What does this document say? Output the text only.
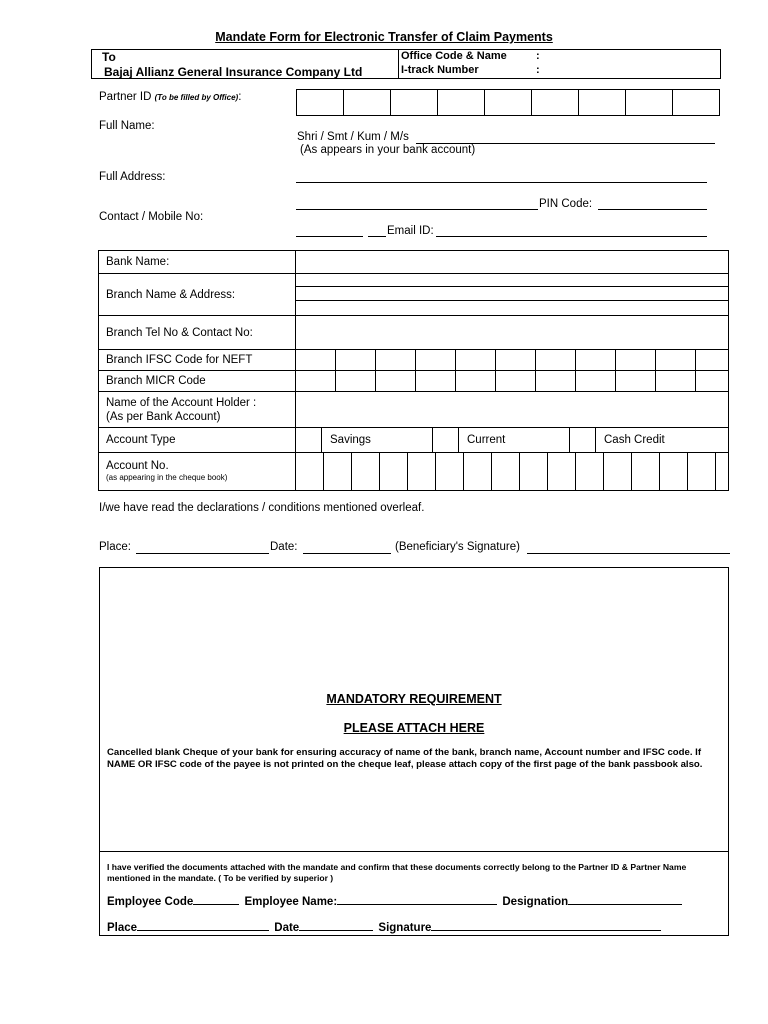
Mandate Form for Electronic Transfer of Claim Payments
To
Bajaj Allianz General Insurance Company Ltd
Office Code & Name
I-track Number
:
:
Partner ID (To be filled by Office):
Full Name:
Shri / Smt / Kum / M/s
(As appears in your bank account)
Full Address:
PIN Code:
Contact / Mobile No:
Email ID:
Bank Name:	
Branch Name & Address:	

Branch Tel No & Contact No:	
Branch IFSC Code for NEFT	

Branch MICR Code	

Name of the Account Holder :
(As per Bank Account)	

Account Type	Savings Current Cash Credit

Account No.
(as appearing in the cheque book)	

I/we have read the declarations / conditions mentioned overleaf.
Place:	Date:	(Beneficiary's Signature)
MANDATORY REQUIREMENT
PLEASE ATTACH HERE
Cancelled blank Cheque of your bank for ensuring accuracy of name of the bank, branch name, Account number and IFSC code. If NAME OR IFSC code of the payee is not printed on the cheque leaf, please attach copy of the first page of the bank passbook also.
I have verified the documents attached with the mandate and confirm that these documents correctly belong to the Partner ID & Partner Name mentioned in the mandate. ( To be verified by superior )
Employee Code	Employee Name:	Designation
Place	Date	Signature
